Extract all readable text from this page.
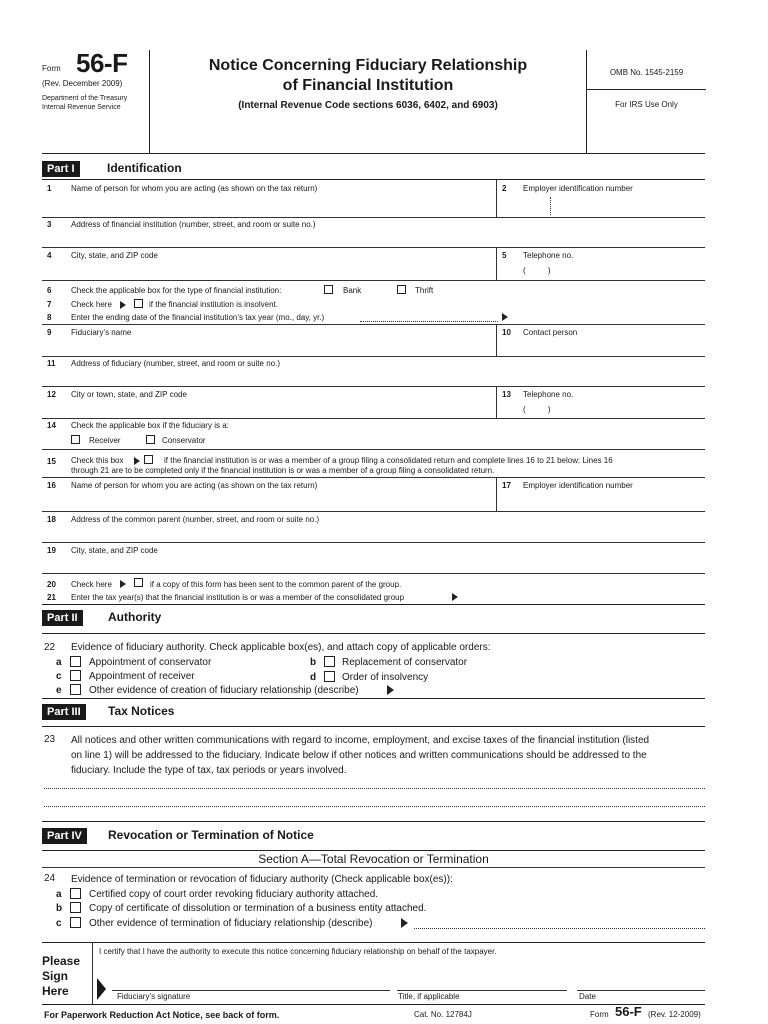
Form 56-F
(Rev. December 2009)
Department of the Treasury
Internal Revenue Service
Notice Concerning Fiduciary Relationship
of Financial Institution
(Internal Revenue Code sections 6036, 6402, and 6903)
OMB No. 1545-2159
For IRS Use Only
Part I	Identification
1 Name of person for whom you are acting (as shown on the tax return)	2 Employer identification number
3 Address of financial institution (number, street, and room or suite no.)
4 City, state, and ZIP code	5 Telephone no.
(          )
6 Check the applicable box for the type of financial institution:	Bank	Thrift
7 Check here	if the financial institution is insolvent.
8 Enter the ending date of the financial institution’s tax year (mo., day, yr.)
9 Fiduciary’s name	10 Contact person
11 Address of fiduciary (number, street, and room or suite no.)
12 City or town, state, and ZIP code	13 Telephone no.
(          )
14 Check the applicable box if the fiduciary is a:
Receiver	Conservator
15 Check this box	if the financial institution is or was a member of a group filing a consolidated return and complete lines 16 to 21 below: Lines 16
through 21 are to be completed only if the financial institution is or was a member of a group filing a consolidated return.
16 Name of person for whom you are acting (as shown on the tax return)	17 Employer identification number
18 Address of the common parent (number, street, and room or suite no.)
19 City, state, and ZIP code
20 Check here	if a copy of this form has been sent to the common parent of the group.
21 Enter the tax year(s) that the financial institution is or was a member of the consolidated group
Part II	Authority
22 Evidence of fiduciary authority. Check applicable box(es), and attach copy of applicable orders:
a	Appointment of conservator	b	Replacement of conservator
c	Appointment of receiver	d	Order of insolvency
e	Other evidence of creation of fiduciary relationship (describe)
Part III	Tax Notices
23 All notices and other written communications with regard to income, employment, and excise taxes of the financial institution (listed
on line 1) will be addressed to the fiduciary. Indicate below if other notices and written communications should be addressed to the
fiduciary. Include the type of tax, tax periods or years involved.
Part IV	Revocation or Termination of Notice
Section A—Total Revocation or Termination
24 Evidence of termination or revocation of fiduciary authority (Check applicable box(es)):
a	Certified copy of court order revoking fiduciary authority attached.
b	Copy of certificate of dissolution or termination of a business entity attached.
c	Other evidence of termination of fiduciary relationship (describe)
Please
Sign
Here
I certify that I have the authority to execute this notice concerning fiduciary relationship on behalf of the taxpayer.
Fiduciary’s signature	Title, if applicable	Date
For Paperwork Reduction Act Notice, see back of form.	Cat. No. 12784J	Form 56-F (Rev. 12-2009)
